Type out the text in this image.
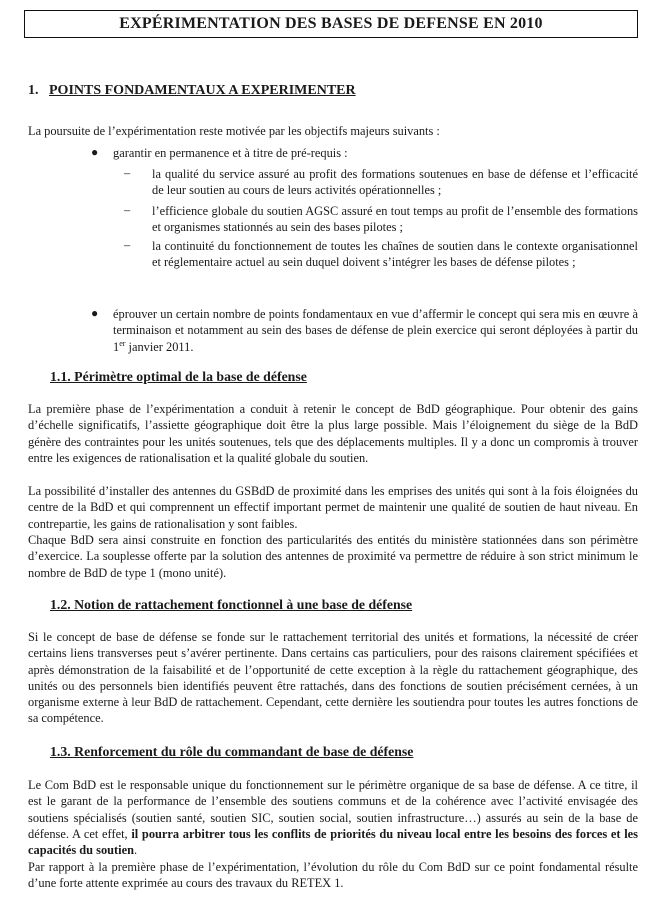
EXPÉRIMENTATION DES BASES DE DEFENSE EN 2010
1. POINTS FONDAMENTAUX A EXPERIMENTER
La poursuite de l’expérimentation reste motivée par les objectifs majeurs suivants :
● garantir en permanence et à titre de pré-requis :
– la qualité du service assuré au profit des formations soutenues en base de défense et l’efficacité de leur soutien au cours de leurs activités opérationnelles ;
– l’efficience globale du soutien AGSC assuré en tout temps au profit de l’ensemble des formations et organismes stationnés au sein des bases pilotes ;
– la continuité du fonctionnement de toutes les chaînes de soutien dans le contexte organisationnel et réglementaire actuel au sein duquel doivent s’intégrer les bases de défense pilotes ;
● éprouver un certain nombre de points fondamentaux en vue d’affermir le concept qui sera mis en œuvre à terminaison et notamment au sein des bases de défense de plein exercice qui seront déployées à partir du 1er janvier 2011.
1.1. Périmètre optimal de la base de défense
La première phase de l’expérimentation a conduit à retenir le concept de BdD géographique. Pour obtenir des gains d’échelle significatifs, l’assiette géographique doit être la plus large possible. Mais l’éloignement du siège de la BdD génère des contraintes pour les unités soutenues, tels que des déplacements multiples. Il y a donc un compromis à trouver entre les exigences de rationalisation et la qualité globale du soutien.
La possibilité d’installer des antennes du GSBdD de proximité dans les emprises des unités qui sont à la fois éloignées du centre de la BdD et qui comprennent un effectif important permet de maintenir une qualité de soutien de haut niveau. En contrepartie, les gains de rationalisation y sont faibles.
Chaque BdD sera ainsi construite en fonction des particularités des entités du ministère stationnées dans son périmètre d’exercice. La souplesse offerte par la solution des antennes de proximité va permettre de réduire à son strict minimum le nombre de BdD de type 1 (mono unité).
1.2. Notion de rattachement fonctionnel à une base de défense
Si le concept de base de défense se fonde sur le rattachement territorial des unités et formations, la nécessité de créer certains liens transverses peut s’avérer pertinente. Dans certains cas particuliers, pour des raisons clairement spécifiées et après démonstration de la faisabilité et de l’opportunité de cette exception à la règle du rattachement géographique, des unités ou des personnels bien identifiés peuvent être rattachés, dans des fonctions de soutien précisément cernées, à un organisme externe à leur BdD de rattachement. Cependant, cette dernière les soutiendra pour toutes les autres fonctions de sa compétence.
1.3. Renforcement du rôle du commandant de base de défense
Le Com BdD est le responsable unique du fonctionnement sur le périmètre organique de sa base de défense. A ce titre, il est le garant de la performance de l’ensemble des soutiens communs et de la cohérence avec l’activité envisagée des soutiens spécialisés (soutien santé, soutien SIC, soutien social, soutien infrastructure…) assurés au sein de la base de défense. A cet effet, il pourra arbitrer tous les conflits de priorités du niveau local entre les besoins des forces et les capacités du soutien.
Par rapport à la première phase de l’expérimentation, l’évolution du rôle du Com BdD sur ce point fondamental résulte d’une forte attente exprimée au cours des travaux du RETEX 1.
